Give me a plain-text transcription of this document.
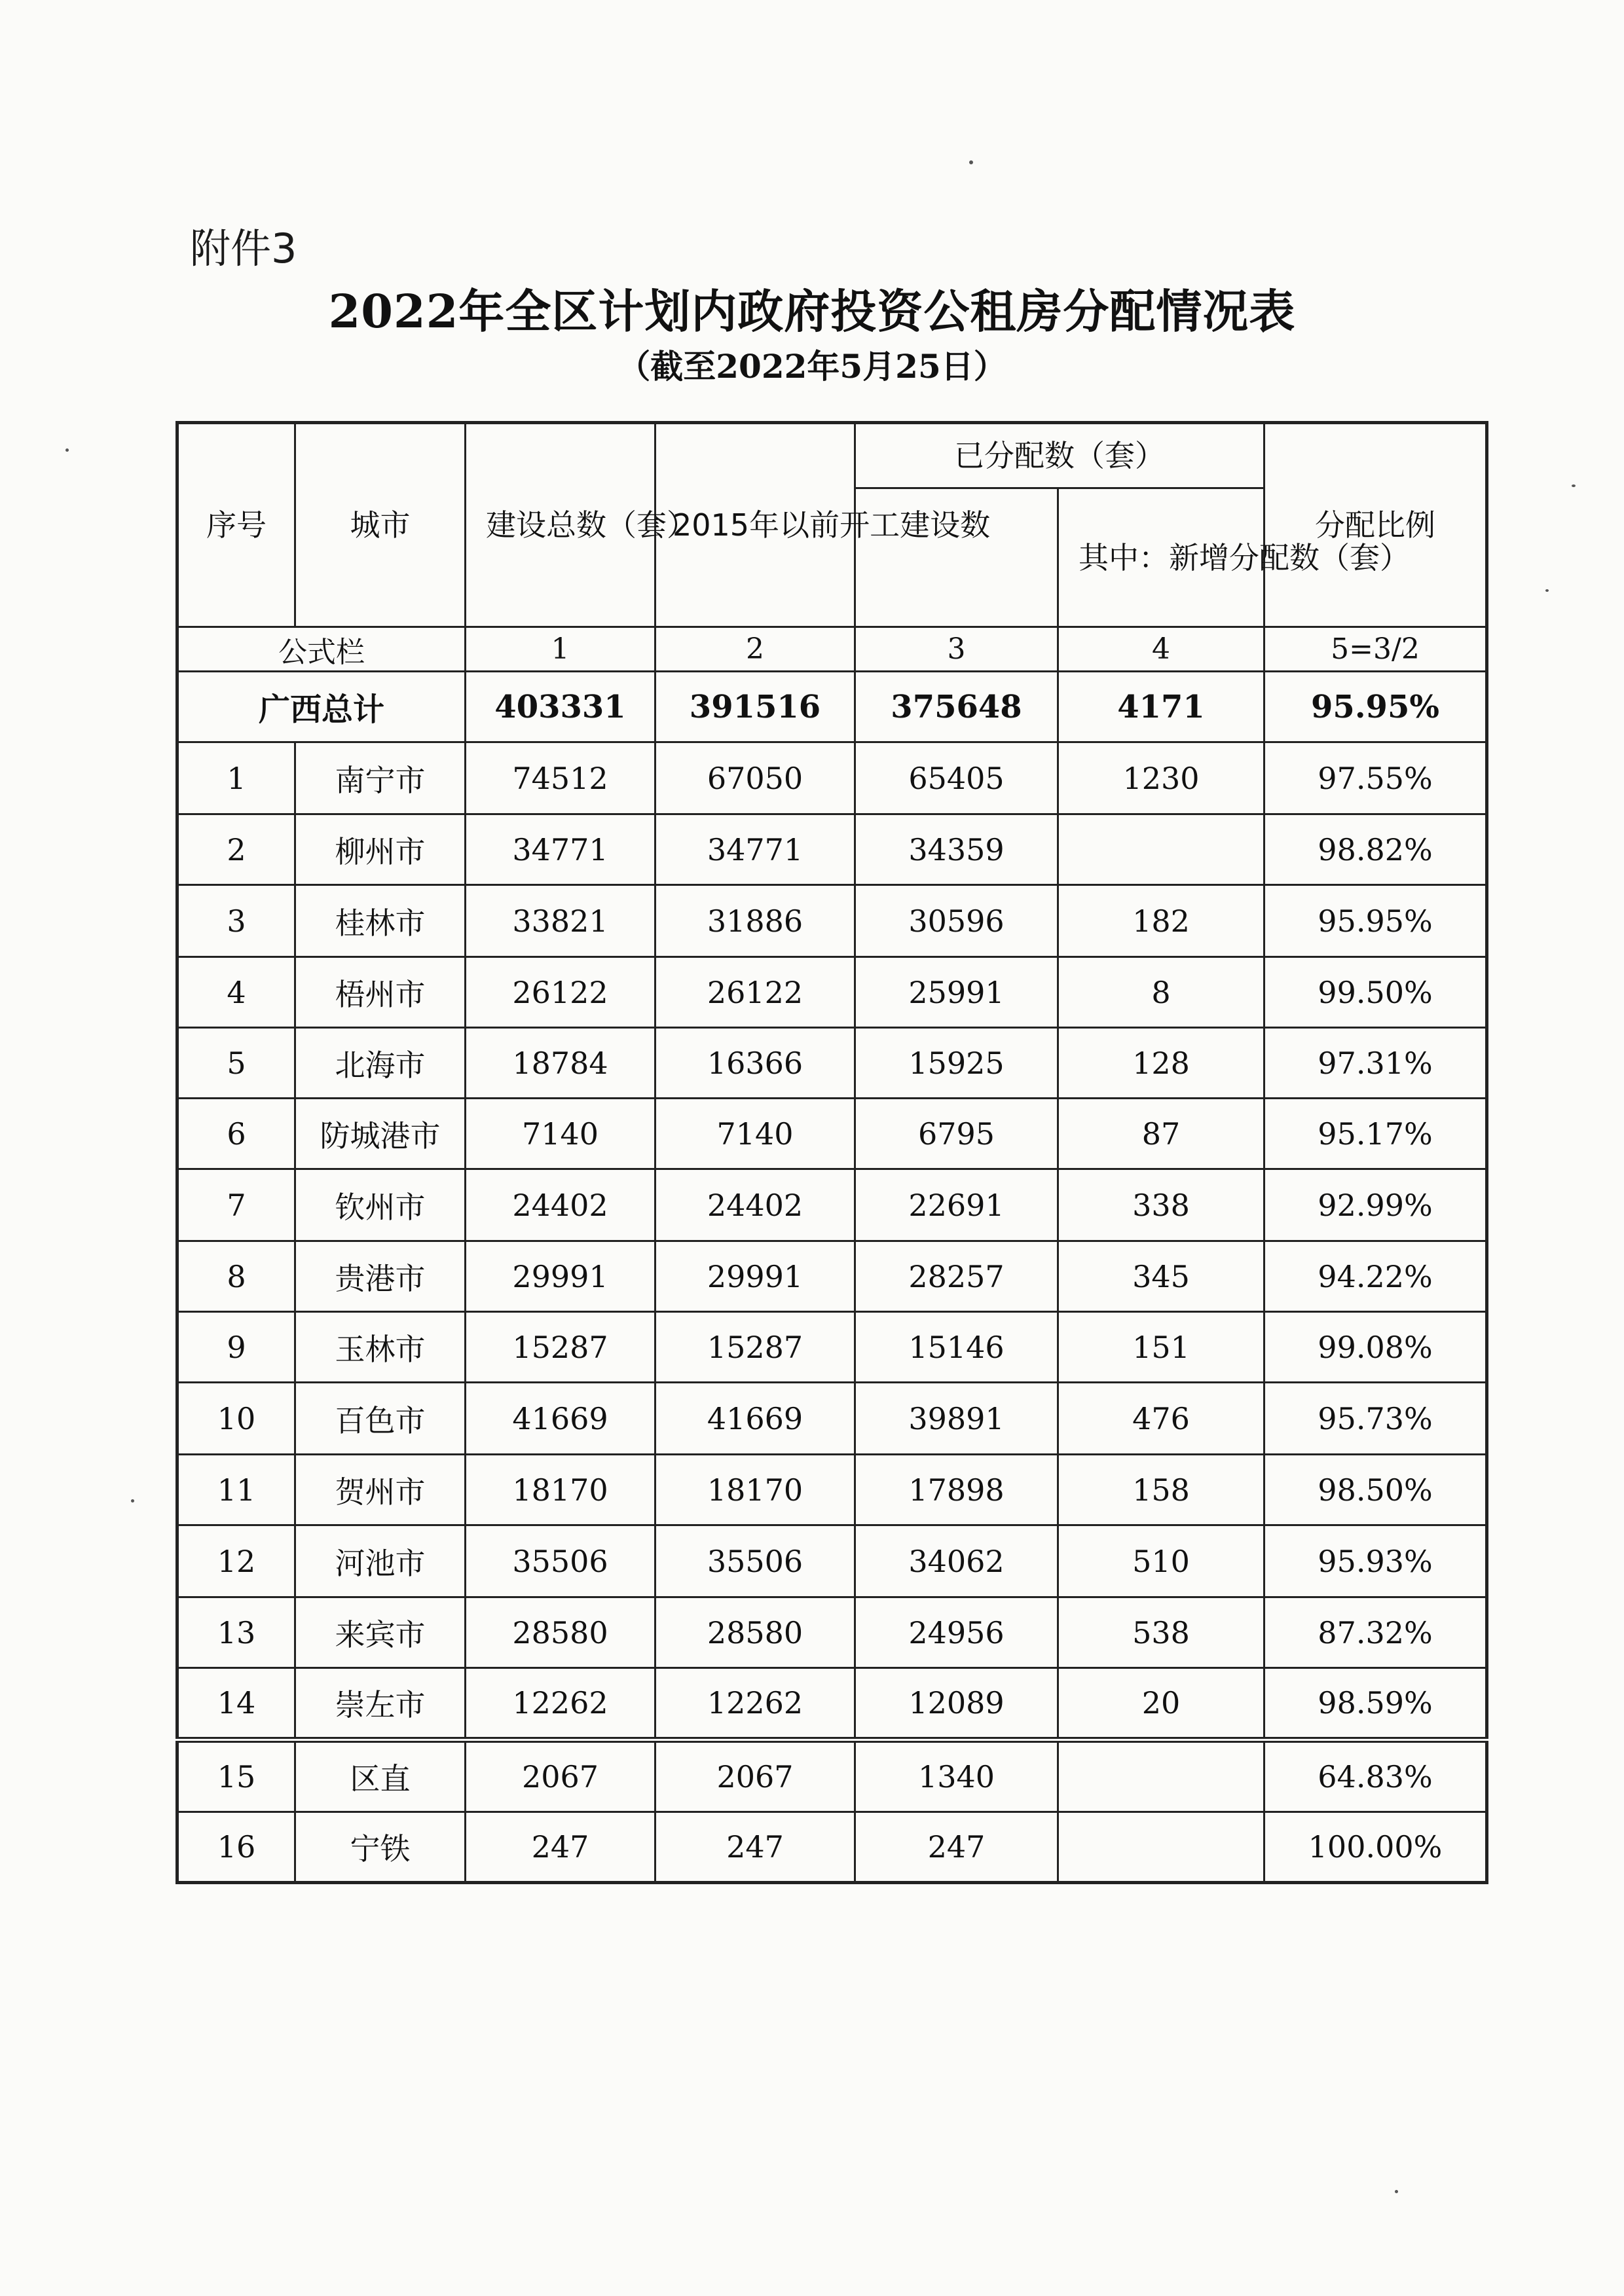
附件3
2022年全区计划内政府投资公租房分配情况表
（截至2022年5月25日）
序号	城市	建设总数（套）	2015年以前开工建设数	已分配数（套）		分配比例
					其中：新增分配数（套）	
公式栏		1	2	3	4	5=3/2
广西总计		403331	391516	375648	4171	95.95%
1	南宁市	74512	67050	65405	1230	97.55%
2	柳州市	34771	34771	34359		98.82%
3	桂林市	33821	31886	30596	182	95.95%
4	梧州市	26122	26122	25991	8	99.50%
5	北海市	18784	16366	15925	128	97.31%
6	防城港市	7140	7140	6795	87	95.17%
7	钦州市	24402	24402	22691	338	92.99%
8	贵港市	29991	29991	28257	345	94.22%
9	玉林市	15287	15287	15146	151	99.08%
10	百色市	41669	41669	39891	476	95.73%
11	贺州市	18170	18170	17898	158	98.50%
12	河池市	35506	35506	34062	510	95.93%
13	来宾市	28580	28580	24956	538	87.32%
14	崇左市	12262	12262	12089	20	98.59%
15	区直	2067	2067	1340		64.83%
16	宁铁	247	247	247		100.00%
